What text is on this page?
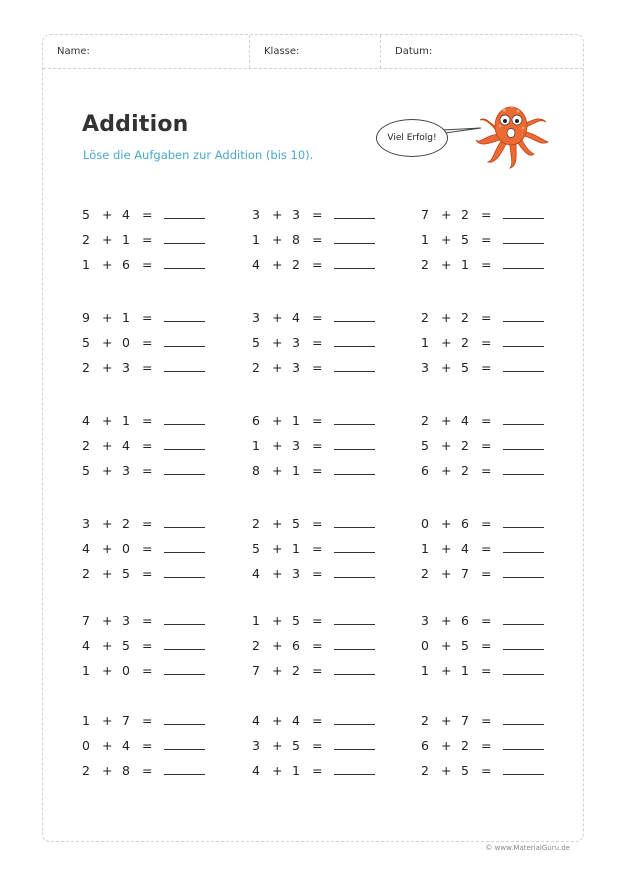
Name:	Klasse:	Datum:
Addition
Löse die Aufgaben zur Addition (bis 10).
Viel Erfolg!
5 + 4 =
2 + 1 =
1 + 6 =
3 + 3 =
1 + 8 =
4 + 2 =
7 + 2 =
1 + 5 =
2 + 1 =
9 + 1 =
5 + 0 =
2 + 3 =
3 + 4 =
5 + 3 =
2 + 3 =
2 + 2 =
1 + 2 =
3 + 5 =
4 + 1 =
2 + 4 =
5 + 3 =
6 + 1 =
1 + 3 =
8 + 1 =
2 + 4 =
5 + 2 =
6 + 2 =
3 + 2 =
4 + 0 =
2 + 5 =
2 + 5 =
5 + 1 =
4 + 3 =
0 + 6 =
1 + 4 =
2 + 7 =
7 + 3 =
4 + 5 =
1 + 0 =
1 + 5 =
2 + 6 =
7 + 2 =
3 + 6 =
0 + 5 =
1 + 1 =
1 + 7 =
0 + 4 =
2 + 8 =
4 + 4 =
3 + 5 =
4 + 1 =
2 + 7 =
6 + 2 =
2 + 5 =
© www.MaterialGuru.de
